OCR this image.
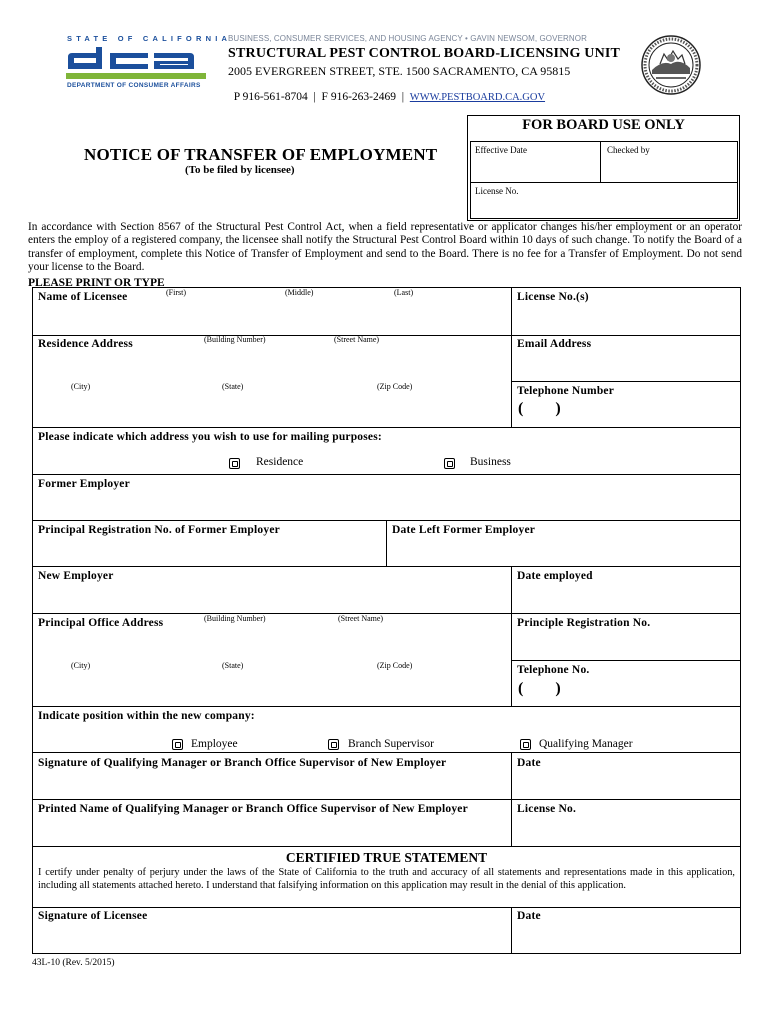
STATE OF CALIFORNIA
DEPARTMENT OF CONSUMER AFFAIRS
BUSINESS, CONSUMER SERVICES, AND HOUSING AGENCY • GAVIN NEWSOM, GOVERNOR
STRUCTURAL PEST CONTROL BOARD-LICENSING UNIT
2005 EVERGREEN STREET, STE. 1500 SACRAMENTO, CA 95815

P 916-561-8704  |  F 916-263-2469  |  WWW.PESTBOARD.CA.GOV

FOR BOARD USE ONLY
Effective Date	Checked by
License No.
NOTICE OF TRANSFER OF EMPLOYMENT
(To be filed by licensee)
In accordance with Section 8567 of the Structural Pest Control Act, when a field representative or applicator changes his/her employment or an operator enters the employ of a registered company, the licensee shall notify the Structural Pest Control Board within 10 days of such change. To notify the Board of a transfer of employment, complete this Notice of Transfer of Employment and send to the Board. There is no fee for a Transfer of Employment. Do not send your license to the Board.
PLEASE PRINT OR TYPE
Name of Licensee	(First)	(Middle)	(Last)	License No.(s)
Residence Address	(Building Number)	(Street Name)	Email Address
(City)	(State)	(Zip Code)	Telephone Number
(        )
Please indicate which address you wish to use for mailing purposes:
Residence	Business
Former Employer
Principal Registration No. of Former Employer	Date Left Former Employer
New Employer	Date employed
Principal Office Address	(Building Number)	(Street Name)	Principle Registration No.
(City)	(State)	(Zip Code)	Telephone No.
(        )
Indicate position within the new company:
Employee	Branch Supervisor	Qualifying Manager
Signature of Qualifying Manager or Branch Office Supervisor of New Employer	Date
Printed Name of Qualifying Manager or Branch Office Supervisor of New Employer	License No.
CERTIFIED TRUE STATEMENT
I certify under penalty of perjury under the laws of the State of California to the truth and accuracy of all statements and representations made in this application, including all statements attached hereto. I understand that falsifying information on this application may result in the denial of this application.
Signature of Licensee	Date
43L-10 (Rev. 5/2015)
